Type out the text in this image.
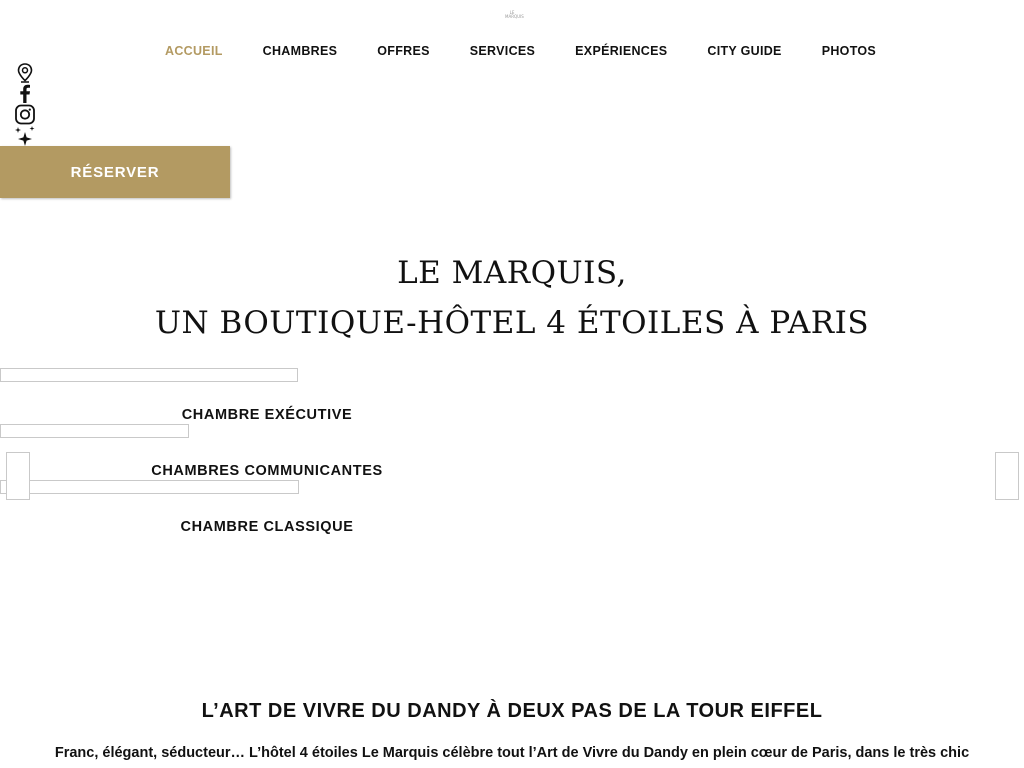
LE MARQUIS
ACCUEIL	CHAMBRES	OFFRES	SERVICES	EXPÉRIENCES	CITY GUIDE	PHOTOS
RÉSERVER
LE MARQUIS,
UN BOUTIQUE-HÔTEL 4 ÉTOILES À PARIS
CHAMBRE EXÉCUTIVE
CHAMBRES COMMUNICANTES
CHAMBRE CLASSIQUE
L’ART DE VIVRE DU DANDY À DEUX PAS DE LA TOUR EIFFEL

Franc, élégant, séducteur… L’hôtel 4 étoiles Le Marquis célèbre tout l’Art de Vivre du Dandy en plein cœur de Paris, dans le très chic
